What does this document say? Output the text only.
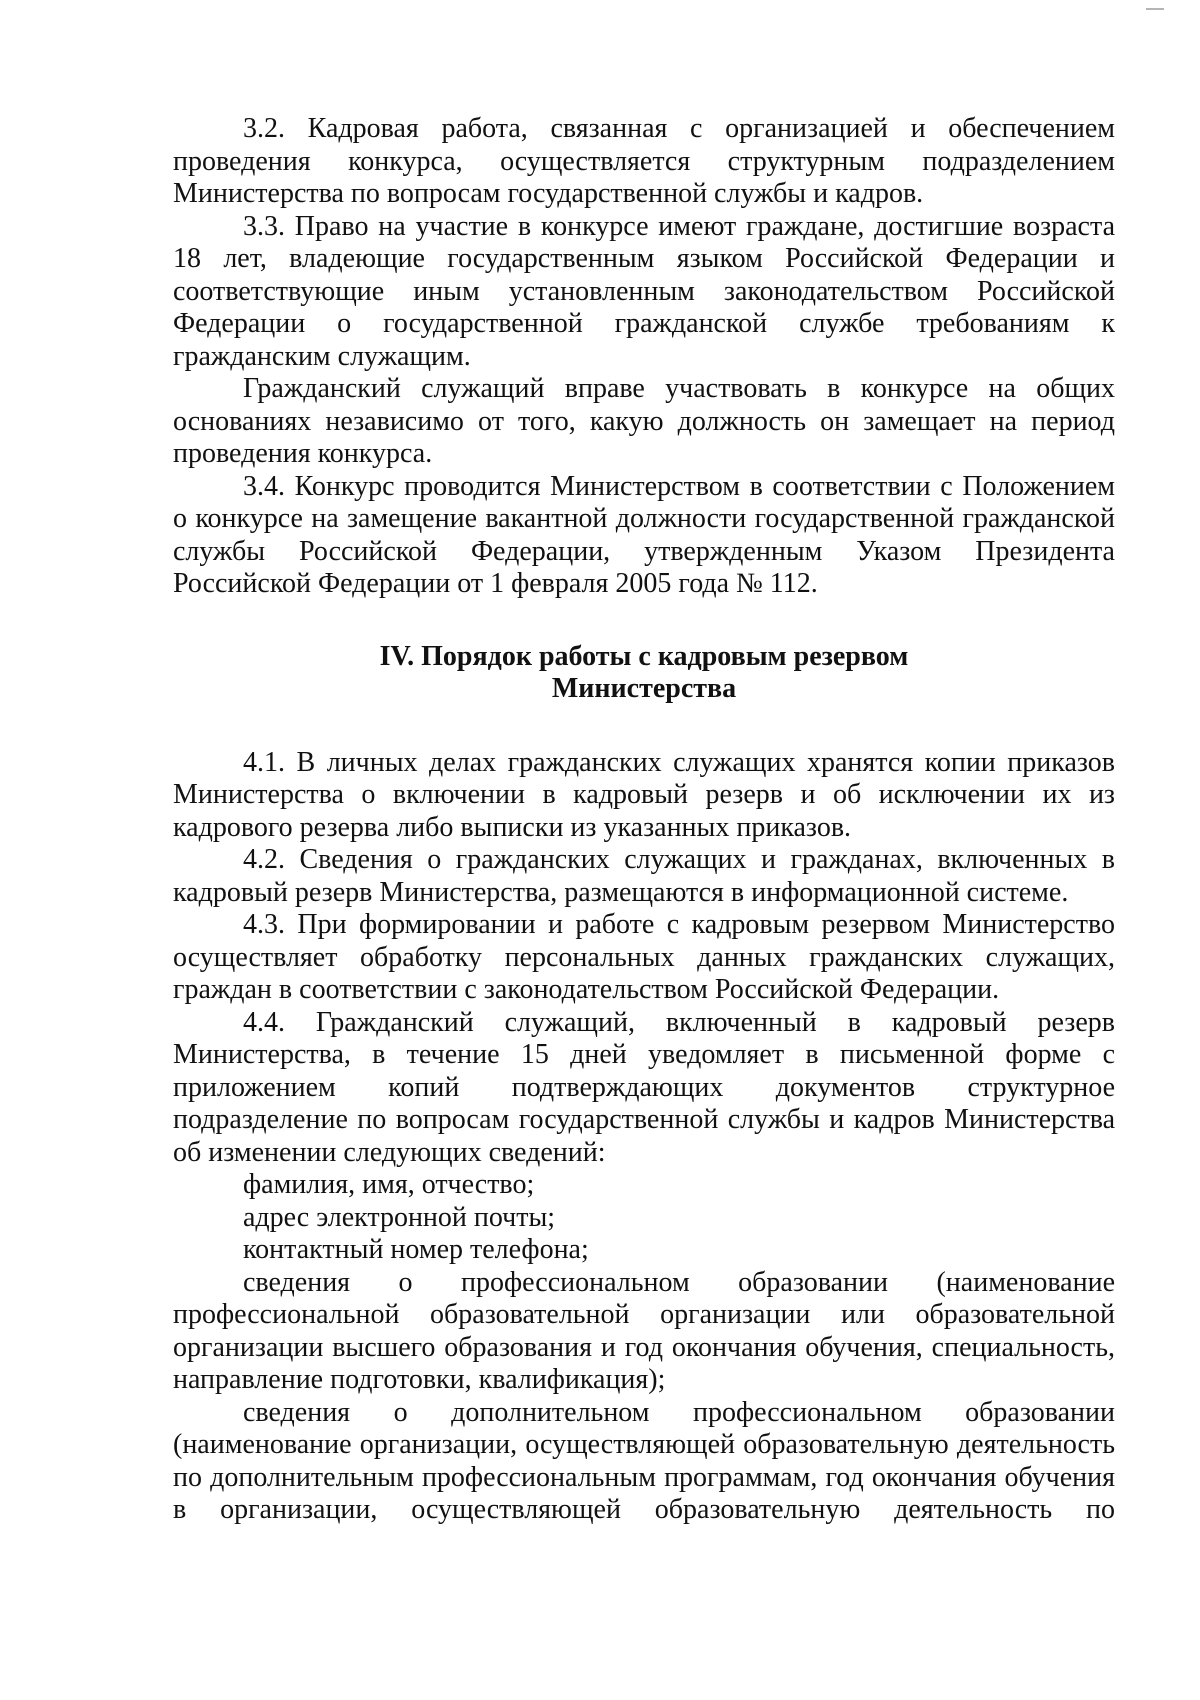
3.2. Кадровая работа, связанная с организацией и обеспечением проведения конкурса, осуществляется структурным подразделением Министерства по вопросам государственной службы и кадров.

3.3. Право на участие в конкурсе имеют граждане, достигшие возраста 18 лет, владеющие государственным языком Российской Федерации и соответствующие иным установленным законодательством Российской Федерации о государственной гражданской службе требованиям к гражданским служащим.

Гражданский служащий вправе участвовать в конкурсе на общих основаниях независимо от того, какую должность он замещает на период проведения конкурса.

3.4. Конкурс проводится Министерством в соответствии с Положением о конкурсе на замещение вакантной должности государственной гражданской службы Российской Федерации, утвержденным Указом Президента Российской Федерации от 1 февраля 2005 года № 112.

IV. Порядок работы с кадровым резервом
Министерства

4.1. В личных делах гражданских служащих хранятся копии приказов Министерства о включении в кадровый резерв и об исключении их из кадрового резерва либо выписки из указанных приказов.

4.2. Сведения о гражданских служащих и гражданах, включенных в кадровый резерв Министерства, размещаются в информационной системе.

4.3. При формировании и работе с кадровым резервом Министерство осуществляет обработку персональных данных гражданских служащих, граждан в соответствии с законодательством Российской Федерации.

4.4. Гражданский служащий, включенный в кадровый резерв Министерства, в течение 15 дней уведомляет в письменной форме с приложением копий подтверждающих документов структурное подразделение по вопросам государственной службы и кадров Министерства об изменении следующих сведений:

фамилия, имя, отчество;

адрес электронной почты;

контактный номер телефона;

сведения о профессиональном образовании (наименование профессиональной образовательной организации или образовательной организации высшего образования и год окончания обучения, специальность, направление подготовки, квалификация);

сведения о дополнительном профессиональном образовании (наименование организации, осуществляющей образовательную деятельность по дополнительным профессиональным программам, год окончания обучения в организации, осуществляющей образовательную деятельность по
